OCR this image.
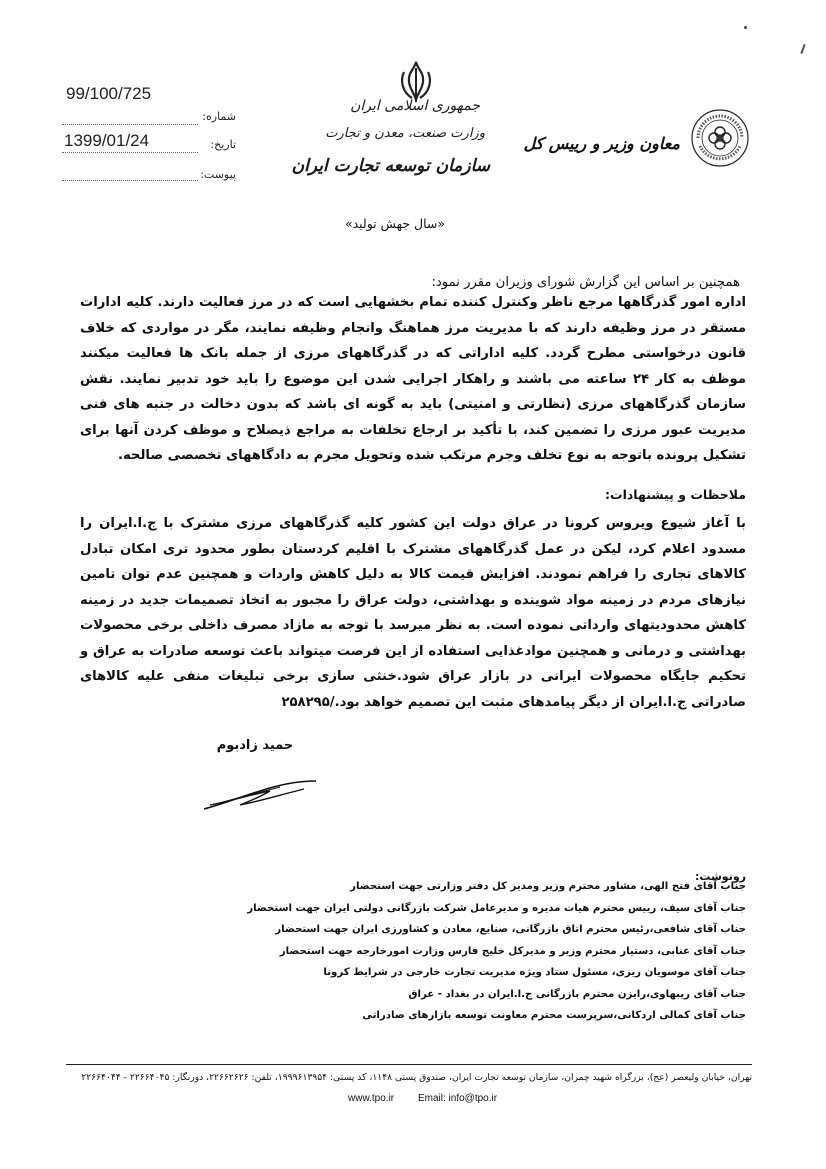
99/100/725
شماره:
1399/01/24	تاریخ:
پیوست:
جمهوری اسلامی ایران
وزارت صنعت، معدن و تجارت
سازمان توسعه تجارت ایران
معاون وزیر و رییس کل
«سال جهش تولید»
همچنین بر اساس این گزارش شورای وزیران مقرر نمود:
اداره امور گذرگاهها مرجع ناظر وکنترل کننده تمام بخشهایی است که در مرز فعالیت دارند. کلیه ادارات مستقر در مرز وظیفه دارند که با مدیریت مرز هماهنگ وانجام وظیفه نمایند، مگر در مواردی که خلاف قانون درخواستی مطرح گردد. کلیه اداراتی که در گذرگاههای مرزی از جمله بانک ها فعالیت میکنند موظف به کار ۲۴ ساعته می باشند و راهکار اجرایی شدن این موضوع را باید خود تدبیر نمایند. نقش سازمان گذرگاههای مرزی (نظارتی و امنیتی) باید به گونه ای باشد که بدون دخالت در جنبه های فنی مدیریت عبور مرزی را تضمین کند، با تأکید بر ارجاع تخلفات به مراجع ذیصلاح و موظف کردن آنها برای تشکیل پرونده باتوجه به نوع تخلف وجرم مرتکب شده وتحویل مجرم به دادگاههای تخصصی صالحه.
ملاحظات و پیشنهادات:
با آغاز شیوع ویروس کرونا در عراق دولت این کشور کلیه گذرگاههای مرزی مشترک با ج.ا.ایران را مسدود اعلام کرد، لیکن در عمل گذرگاههای مشترک با اقلیم کردستان بطور محدود تری امکان تبادل کالاهای تجاری را فراهم نمودند. افزایش قیمت کالا به دلیل کاهش واردات و همچنین عدم توان تامین نیازهای مردم در زمینه مواد شوینده و بهداشتی، دولت عراق را مجبور به اتخاذ تصمیمات جدید در زمینه کاهش محدودیتهای وارداتی نموده است. به نظر میرسد با توجه به مازاد مصرف داخلی برخی محصولات بهداشتی و درمانی و همچنین موادغذایی استفاده از این فرصت میتواند باعث توسعه صادرات به عراق و تحکیم جایگاه محصولات ایرانی در بازار عراق شود.خنثی سازی برخی تبلیغات منفی علیه کالاهای صادراتی ج.ا.ایران از دیگر پیامدهای مثبت این تصمیم خواهد بود./۲۵۸۲۹۵
حمید زادبوم
رونوشت:
جناب آقای فتح الهی، مشاور محترم وزیر ومدیر کل دفتر وزارتی جهت استحضار
جناب آقای سیف، رییس محترم هیات مدیره و مدیرعامل شرکت بازرگانی دولتی ایران جهت استحضار
جناب آقای شافعی،رئیس محترم اتاق بازرگانی، صنایع، معادن و کشاورزی ایران جهت استحضار
جناب آقای عنابی، دستیار محترم وزیر و مدیرکل خلیج فارس وزارت امورخارجه جهت استحضار
جناب آقای موسویان ریزی، مسئول ستاد ویژه مدیریت تجارت خارجی در شرایط کرونا
جناب آقای ریبهاوی،رایزن محترم بازرگانی ج.ا.ایران در بغداد - عراق
جناب آقای کمالی اردکانی،سرپرست محترم معاونت توسعه بازارهای صادراتی
تهران، خیابان ولیعصر (عج)، بزرگراه شهید چمران، سازمان توسعه تجارت ایران، صندوق پستی ۱۱۴۸، کد پستی: ۱۹۹۹۶۱۳۹۵۴، تلفن: ۲۲۶۶۲۶۲۶، دورنگار: ۲۲۶۶۴۰۴۵ - ۲۲۶۶۴۰۴۴
www.tpo.ir Email: info@tpo.ir
